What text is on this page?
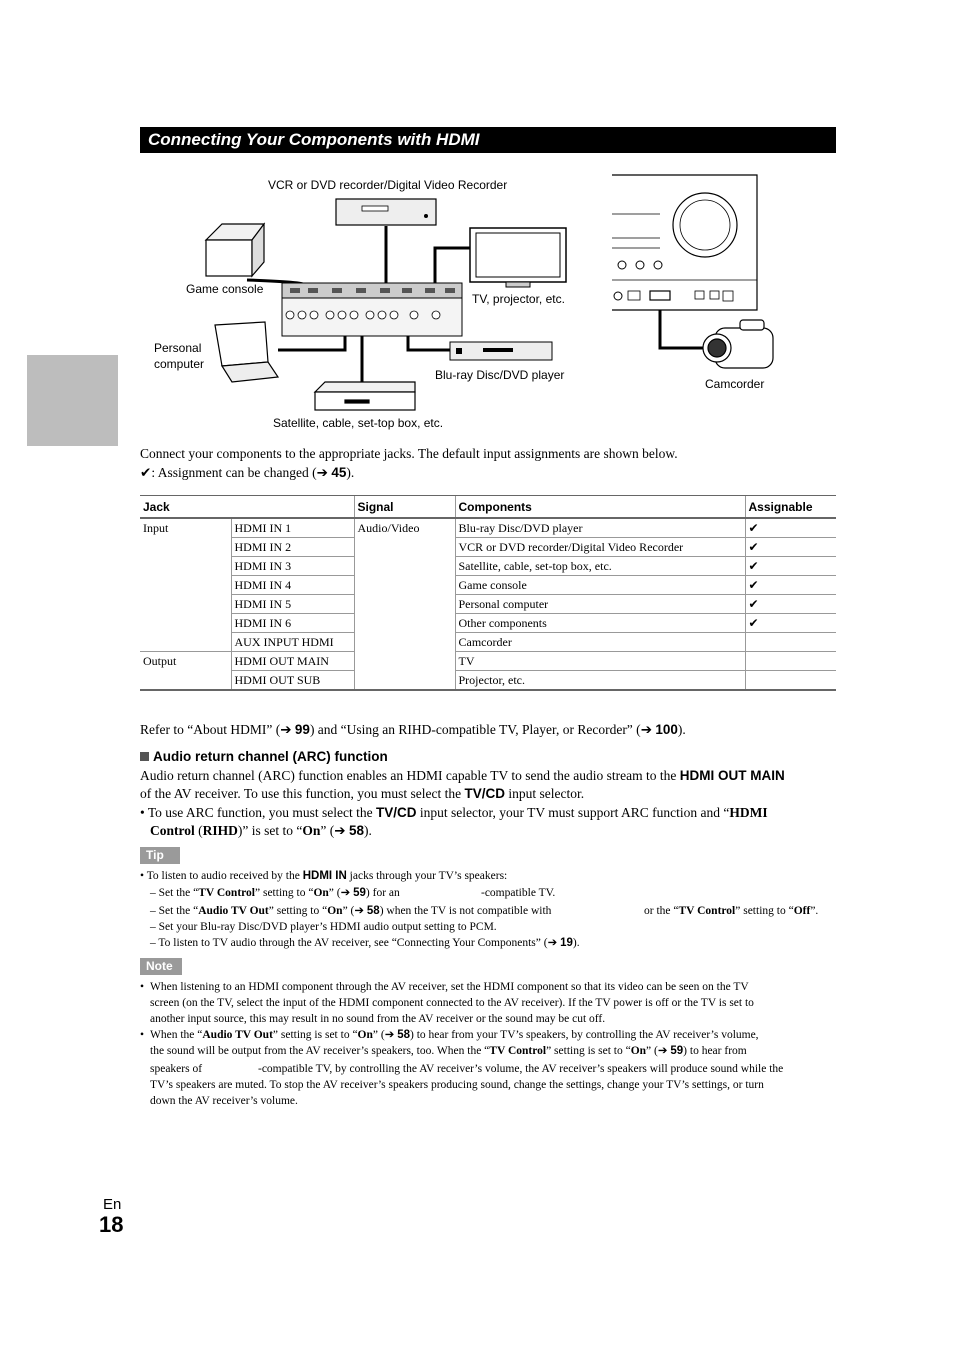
Connecting Your Components with HDMI
VCR or DVD recorder/Digital Video Recorder
Game console
TV, projector, etc.
Personal
computer
Blu-ray Disc/DVD player
Satellite, cable, set-top box, etc.
Camcorder
Connect your components to the appropriate jacks. The default input assignments are shown below.
✔: Assignment can be changed (➔ 45).
Jack		Signal	Components	Assignable
Input	HDMI IN 1	Audio/Video	Blu-ray Disc/DVD player	✔
	HDMI IN 2		VCR or DVD recorder/Digital Video Recorder	✔
	HDMI IN 3		Satellite, cable, set-top box, etc.	✔
	HDMI IN 4		Game console	✔
	HDMI IN 5		Personal computer	✔
	HDMI IN 6		Other components	✔
	AUX INPUT HDMI		Camcorder	
Output	HDMI OUT MAIN		TV	
	HDMI OUT SUB		Projector, etc.	
Refer to “About HDMI” (➔ 99) and “Using an RIHD-compatible TV, Player, or Recorder” (➔ 100).
Audio return channel (ARC) function
Audio return channel (ARC) function enables an HDMI capable TV to send the audio stream to the HDMI OUT MAIN
of the AV receiver. To use this function, you must select the TV/CD input selector.
• To use ARC function, you must select the TV/CD input selector, your TV must support ARC function and “HDMI
Control (RIHD)” is set to “On” (➔ 58).
Tip
• To listen to audio received by the HDMI IN jacks through your TV’s speakers:
– Set the “TV Control” setting to “On” (➔ 59) for an	-compatible TV.
– Set the “Audio TV Out” setting to “On” (➔ 58) when the TV is not compatible with	or the “TV Control” setting to “Off”.
– Set your Blu-ray Disc/DVD player’s HDMI audio output setting to PCM.
– To listen to TV audio through the AV receiver, see “Connecting Your Components” (➔ 19).
Note
• When listening to an HDMI component through the AV receiver, set the HDMI component so that its video can be seen on the TV
screen (on the TV, select the input of the HDMI component connected to the AV receiver). If the TV power is off or the TV is set to
another input source, this may result in no sound from the AV receiver or the sound may be cut off.
• When the “Audio TV Out” setting is set to “On” (➔ 58) to hear from your TV’s speakers, by controlling the AV receiver’s volume,
the sound will be output from the AV receiver’s speakers, too. When the “TV Control” setting is set to “On” (➔ 59) to hear from
speakers of	-compatible TV, by controlling the AV receiver’s volume, the AV receiver’s speakers will produce sound while the
TV’s speakers are muted. To stop the AV receiver’s speakers producing sound, change the settings, change your TV’s settings, or turn
down the AV receiver’s volume.
En
18
